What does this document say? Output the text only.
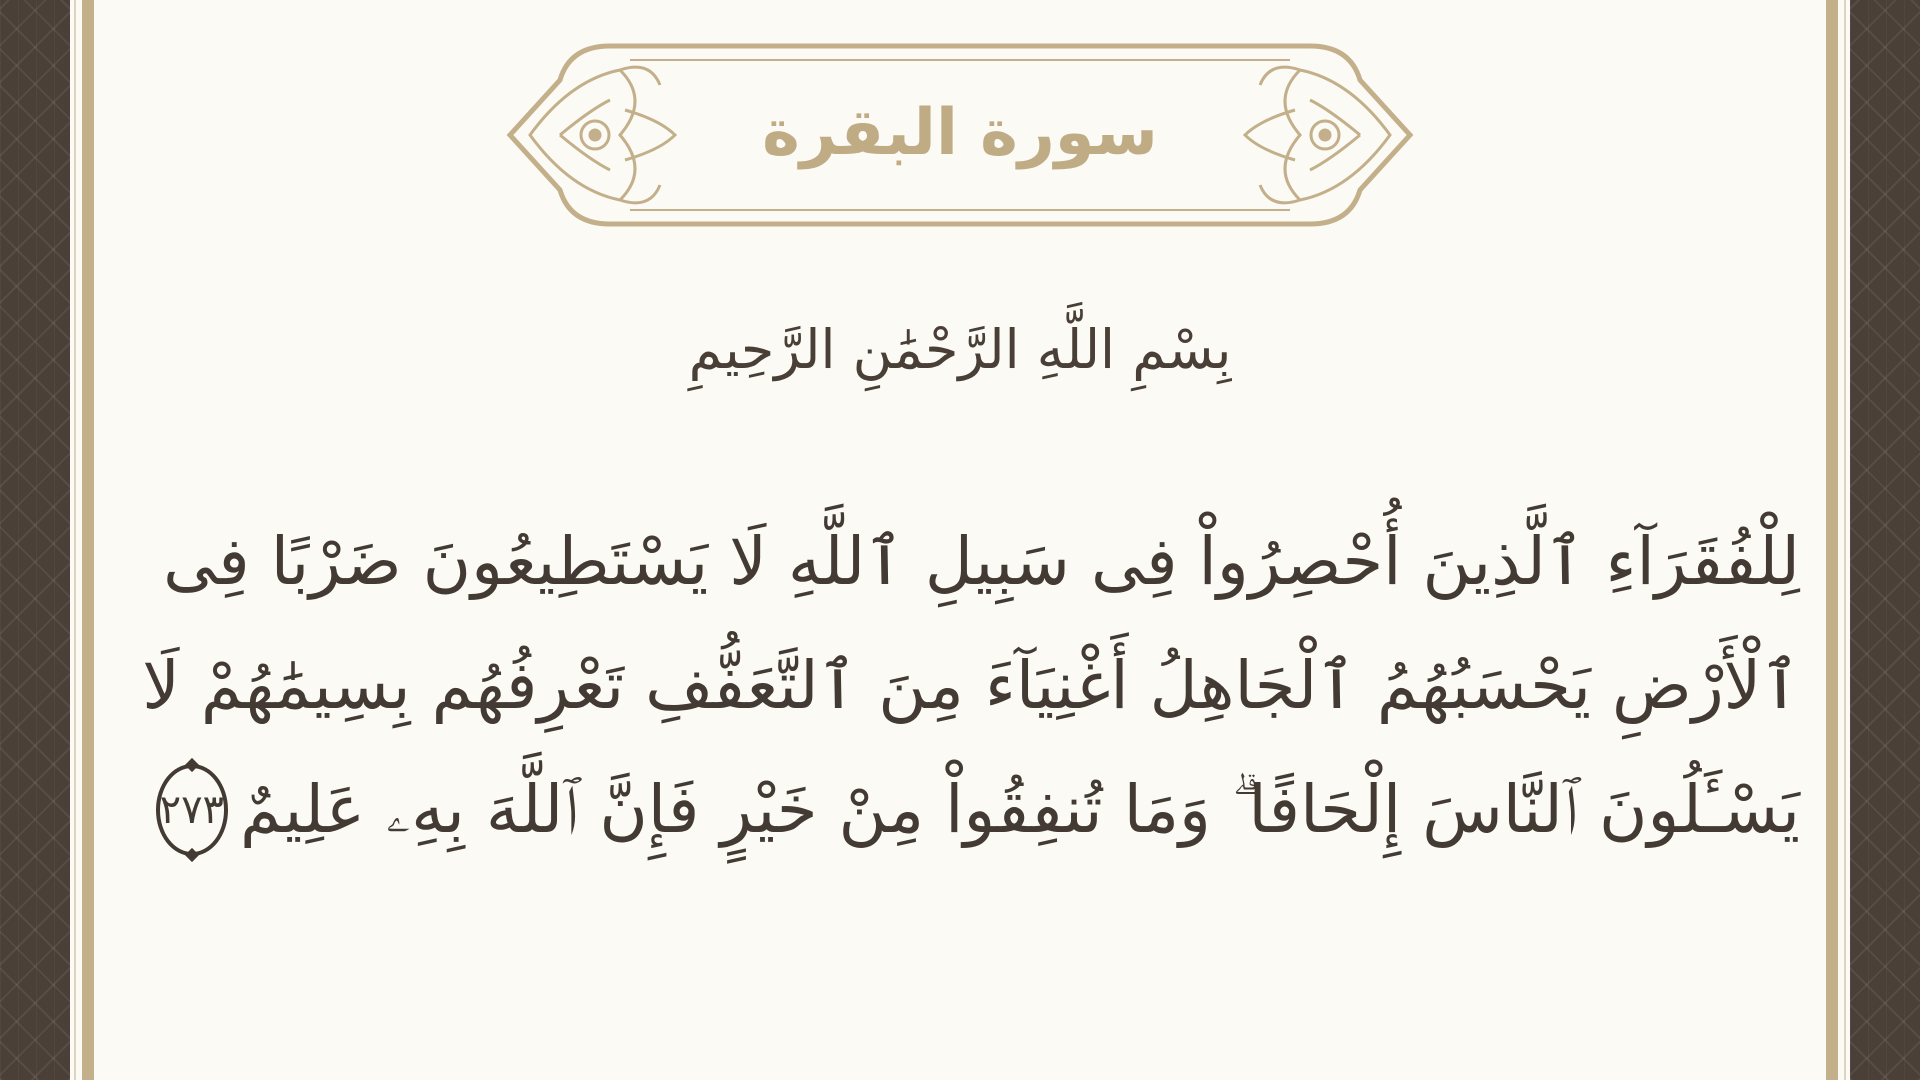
سورة البقرة
بِسْمِ اللَّهِ الرَّحْمَٰنِ الرَّحِيمِ
لِلْفُقَرَآءِ ٱلَّذِينَ أُحْصِرُواْ فِى سَبِيلِ ٱللَّهِ لَا يَسْتَطِيعُونَ ضَرْبًا فِى
ٱلْأَرْضِ يَحْسَبُهُمُ ٱلْجَاهِلُ أَغْنِيَآءَ مِنَ ٱلتَّعَفُّفِ تَعْرِفُهُم بِسِيمَٰهُمْ لَا
يَسْـَٔلُونَ ٱلنَّاسَ إِلْحَافًا ۗ وَمَا تُنفِقُواْ مِنْ خَيْرٍ فَإِنَّ ٱللَّهَ بِهِۦ عَلِيمٌ
٢٧٣
